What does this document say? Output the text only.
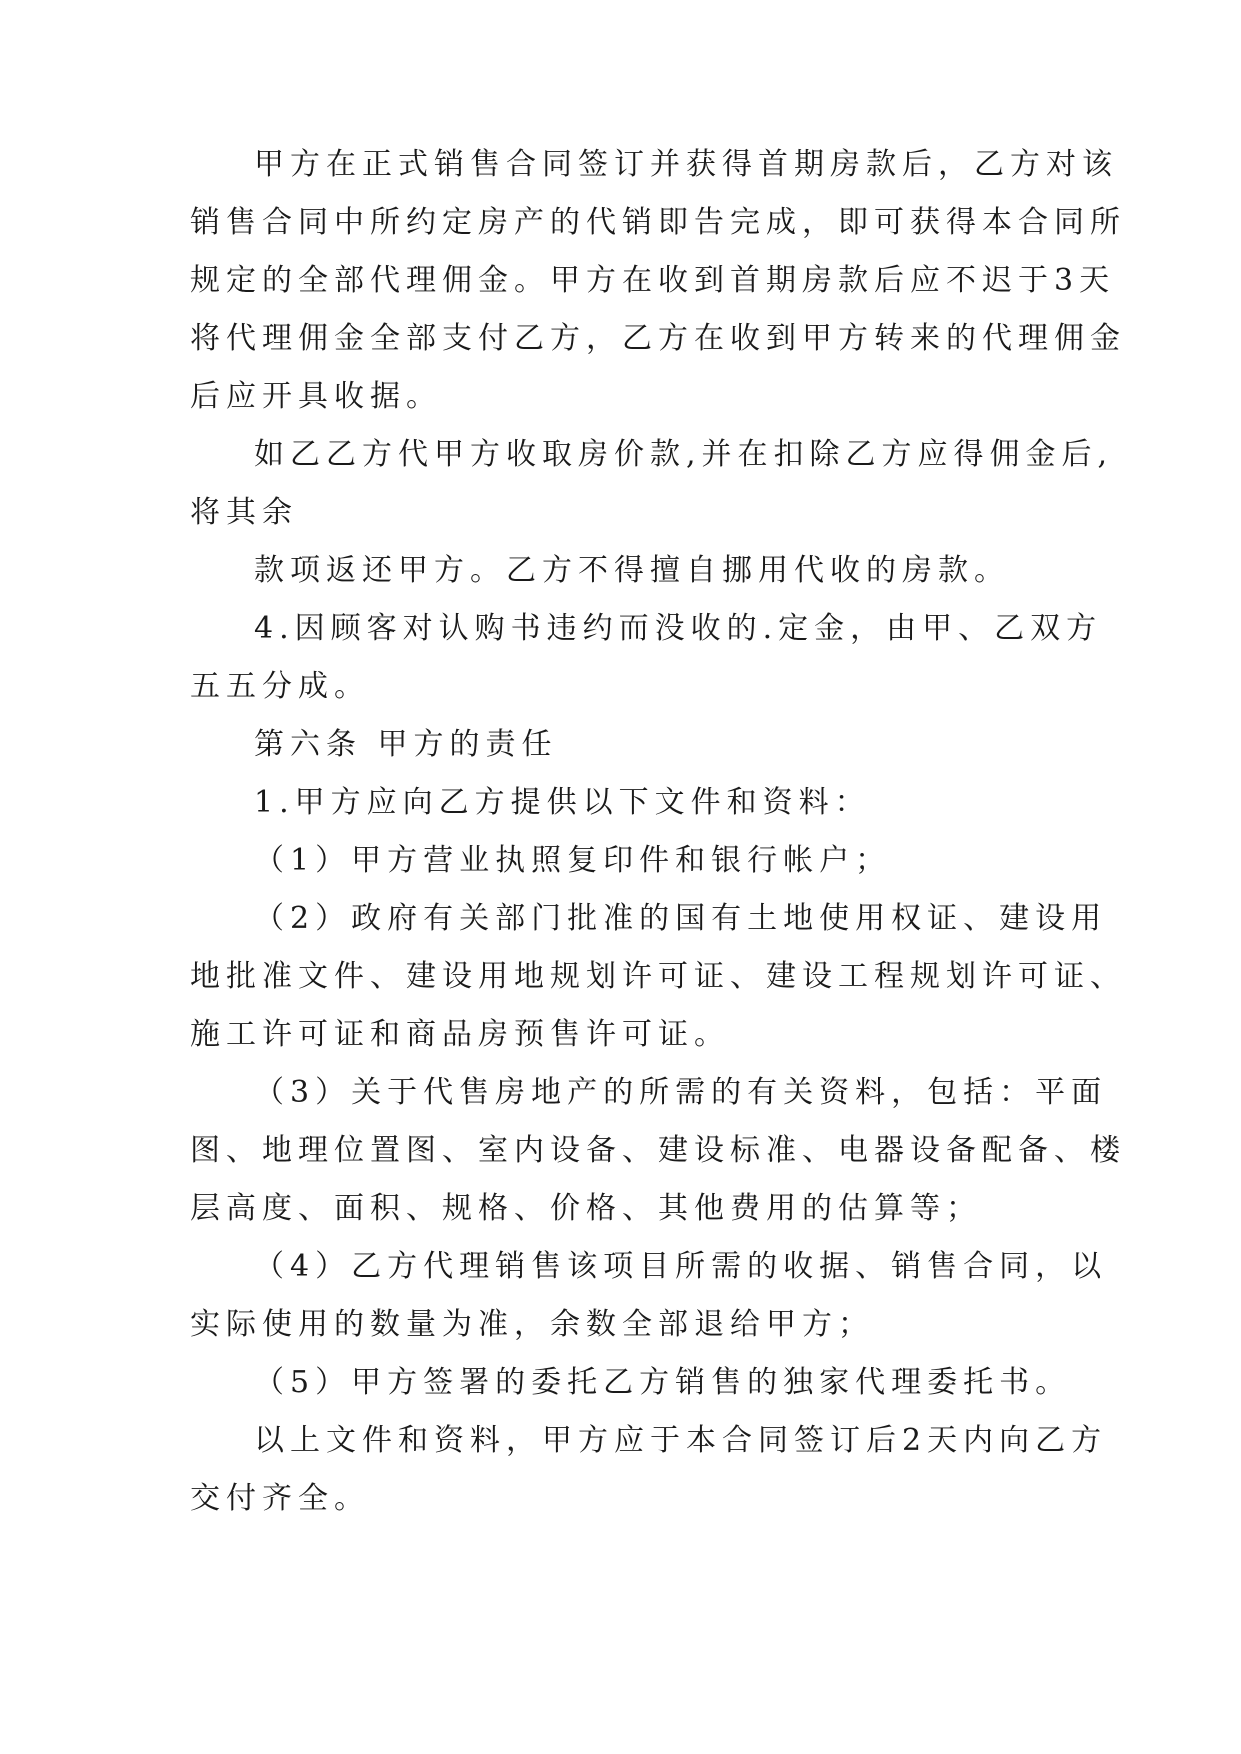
甲方在正式销售合同签订并获得首期房款后，乙方对该
销售合同中所约定房产的代销即告完成，即可获得本合同所
规定的全部代理佣金。甲方在收到首期房款后应不迟于3天
将代理佣金全部支付乙方，乙方在收到甲方转来的代理佣金
后应开具收据。

如乙乙方代甲方收取房价款,并在扣除乙方应得佣金后,
将其余

款项返还甲方。乙方不得擅自挪用代收的房款。

4.因顾客对认购书违约而没收的.定金，由甲、乙双方
五五分成。

第六条 甲方的责任

1.甲方应向乙方提供以下文件和资料：

（1）甲方营业执照复印件和银行帐户；

（2）政府有关部门批准的国有土地使用权证、建设用
地批准文件、建设用地规划许可证、建设工程规划许可证、
施工许可证和商品房预售许可证。

（3）关于代售房地产的所需的有关资料，包括：平面
图、地理位置图、室内设备、建设标准、电器设备配备、楼
层高度、面积、规格、价格、其他费用的估算等；

（4）乙方代理销售该项目所需的收据、销售合同，以
实际使用的数量为准，余数全部退给甲方；

（5）甲方签署的委托乙方销售的独家代理委托书。

以上文件和资料，甲方应于本合同签订后2天内向乙方
交付齐全。
